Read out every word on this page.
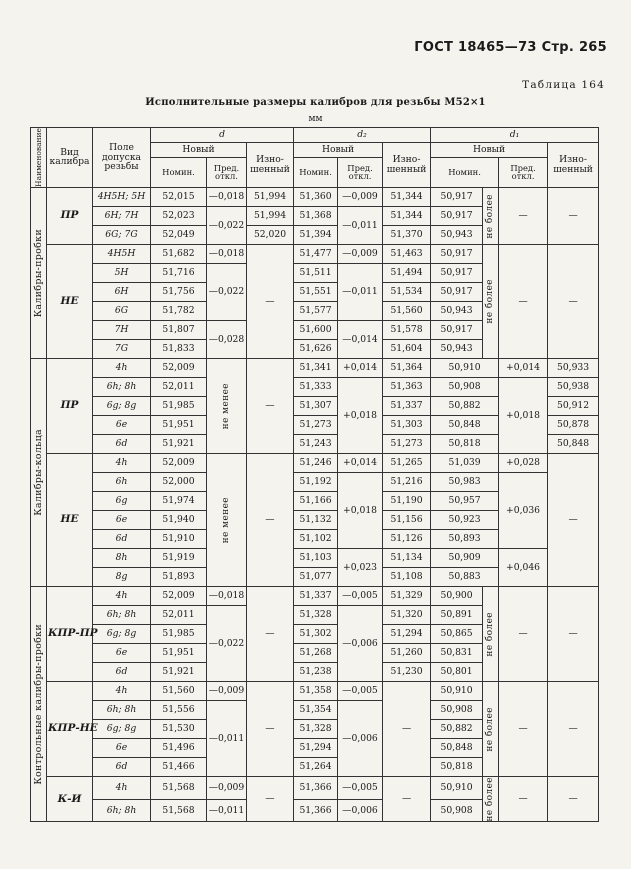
ГОСТ 18465—73 Стр. 265
Таблица 164
Исполнительные размеры калибров для резьбы M52×1
мм
Наименование	Вид калибра	Поле допуска резьбы	d			d₂			d₁			
			Новый		Изно- шенный	Новый		Изно- шенный	Новый			Изно- шенный
			Номин.	Пред. откл.		Номин.	Пред. откл.		Номин.		Пред. откл.	

Калибры-пробки	ПР	4H5H; 5H	52,015	—0,018	51,994	51,360	—0,009	51,344	50,917	не более	—	—
		6H; 7H	52,023	—0,022	51,994	51,368	—0,011	51,344	50,917			
		6G; 7G	52,049		52,020	51,394		51,370	50,943			
	НЕ	4H5H	51,682	—0,018	—	51,477	—0,009	51,463	50,917	не более	—	—
		5H	51,716	—0,022		51,511	—0,011	51,494	50,917			
		6H	51,756			51,551		51,534	50,917			
		6G	51,782			51,577		51,560	50,943			
		7H	51,807	—0,028		51,600	—0,014	51,578	50,917			
		7G	51,833			51,626		51,604	50,943			

Калибры-кольца	ПР	4h	52,009	не менее	—	51,341	+0,014	51,364	50,910		+0,014	50,933
		6h; 8h	52,011			51,333	+0,018	51,363	50,908		+0,018	50,938
		6g; 8g	51,985			51,307		51,337	50,882			50,912
		6e	51,951			51,273		51,303	50,848			50,878
		6d	51,921			51,243		51,273	50,818			50,848
	НЕ	4h	52,009	не менее	—	51,246	+0,014	51,265	51,039		+0,028	—
		6h	52,000			51,192	+0,018	51,216	50,983		+0,036	
		6g	51,974			51,166		51,190	50,957			
		6e	51,940			51,132		51,156	50,923			
		6d	51,910			51,102		51,126	50,893			
		8h	51,919			51,103	+0,023	51,134	50,909		+0,046	
		8g	51,893			51,077		51,108	50,883			

Контрольные калибры-пробки	КПР-ПР	4h	52,009	—0,018	—	51,337	—0,005	51,329	50,900	не более	—	—
		6h; 8h	52,011	—0,022		51,328	—0,006	51,320	50,891			
		6g; 8g	51,985			51,302		51,294	50,865			
		6e	51,951			51,268		51,260	50,831			
		6d	51,921			51,238		51,230	50,801			
	КПР-НЕ	4h	51,560	—0,009	—	51,358	—0,005	—	50,910	не более	—	—
		6h; 8h	51,556	—0,011		51,354	—0,006		50,908			
		6g; 8g	51,530			51,328			50,882			
		6e	51,496			51,294			50,848			
		6d	51,466			51,264			50,818			
	К-И	4h	51,568	—0,009	—	51,366	—0,005	—	50,910	не более	—	—
		6h; 8h	51,568	—0,011		51,366	—0,006		50,908			
